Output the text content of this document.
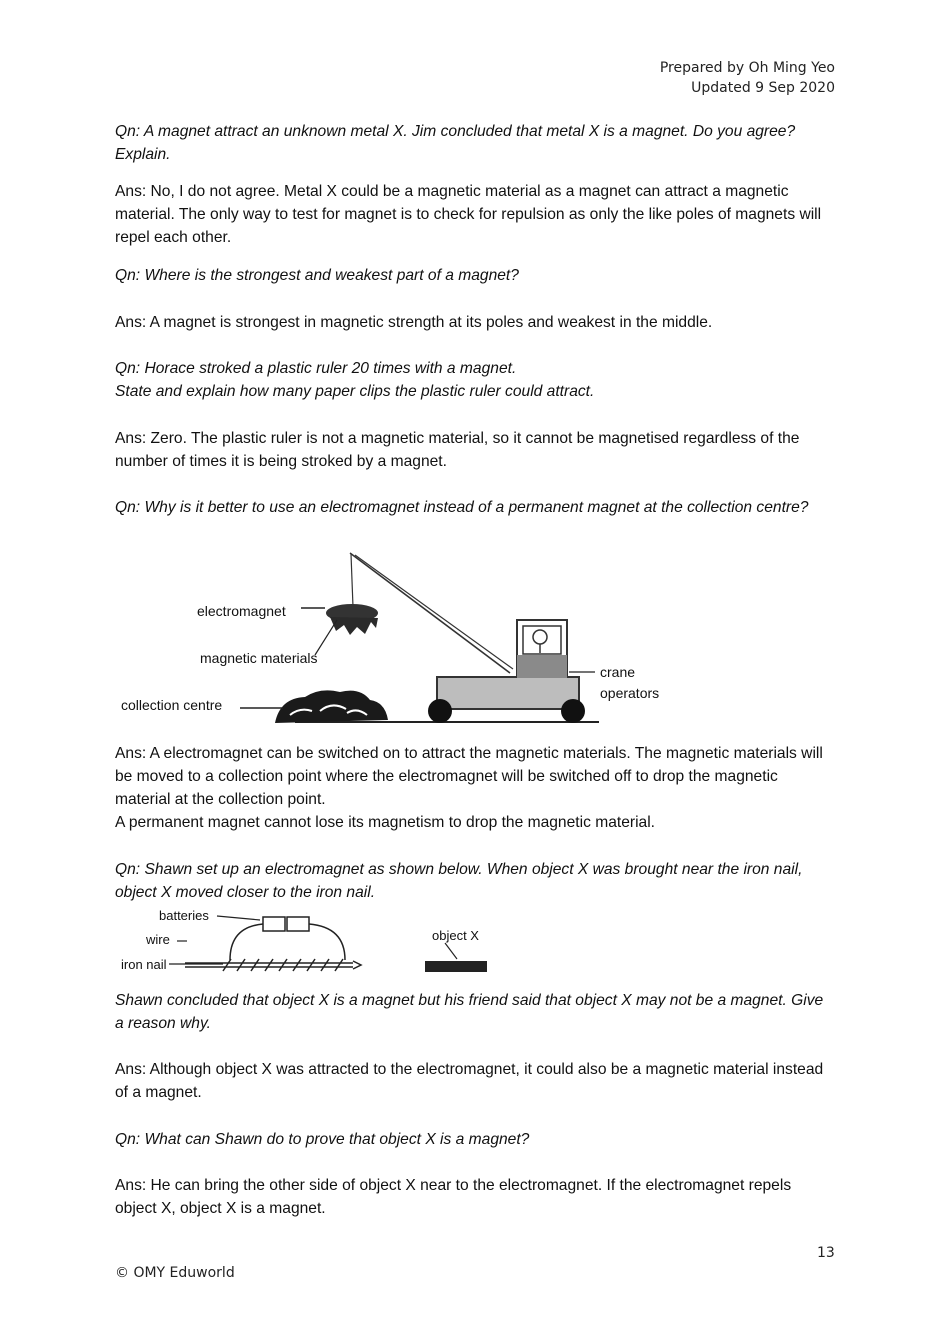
Prepared by Oh Ming Yeo
Updated 9 Sep 2020

Qn: A magnet attract an unknown metal X. Jim concluded that metal X is a magnet. Do you agree? Explain.

Ans: No, I do not agree. Metal X could be a magnetic material as a magnet can attract a magnetic material. The only way to test for magnet is to check for repulsion as only the like poles of magnets will repel each other.

Qn: Where is the strongest and weakest part of a magnet?

Ans: A magnet is strongest in magnetic strength at its poles and weakest in the middle.

Qn: Horace stroked a plastic ruler 20 times with a magnet.

State and explain how many paper clips the plastic ruler could attract.

Ans: Zero. The plastic ruler is not a magnetic material, so it cannot be magnetised regardless of the number of times it is being stroked by a magnet.

Qn: Why is it better to use an electromagnet instead of a permanent magnet at the collection centre?

electromagnet
magnetic materials
collection centre
crane
operators

Ans: A electromagnet can be switched on to attract the magnetic materials. The magnetic materials will be moved to a collection point where the electromagnet will be switched off to drop the magnetic material at the collection point.

A permanent magnet cannot lose its magnetism to drop the magnetic material.

Qn: Shawn set up an electromagnet as shown below. When object X was brought near the iron nail, object X moved closer to the iron nail.

batteries
wire
iron nail
object X

Shawn concluded that object X is a magnet but his friend said that object X may not be a magnet. Give a reason why.

Ans: Although object X was attracted to the electromagnet, it could also be a magnetic material instead of a magnet.

Qn: What can Shawn do to prove that object X is a magnet?

Ans: He can bring the other side of object X near to the electromagnet. If the electromagnet repels object X, object X is a magnet.

13
© OMY Eduworld
